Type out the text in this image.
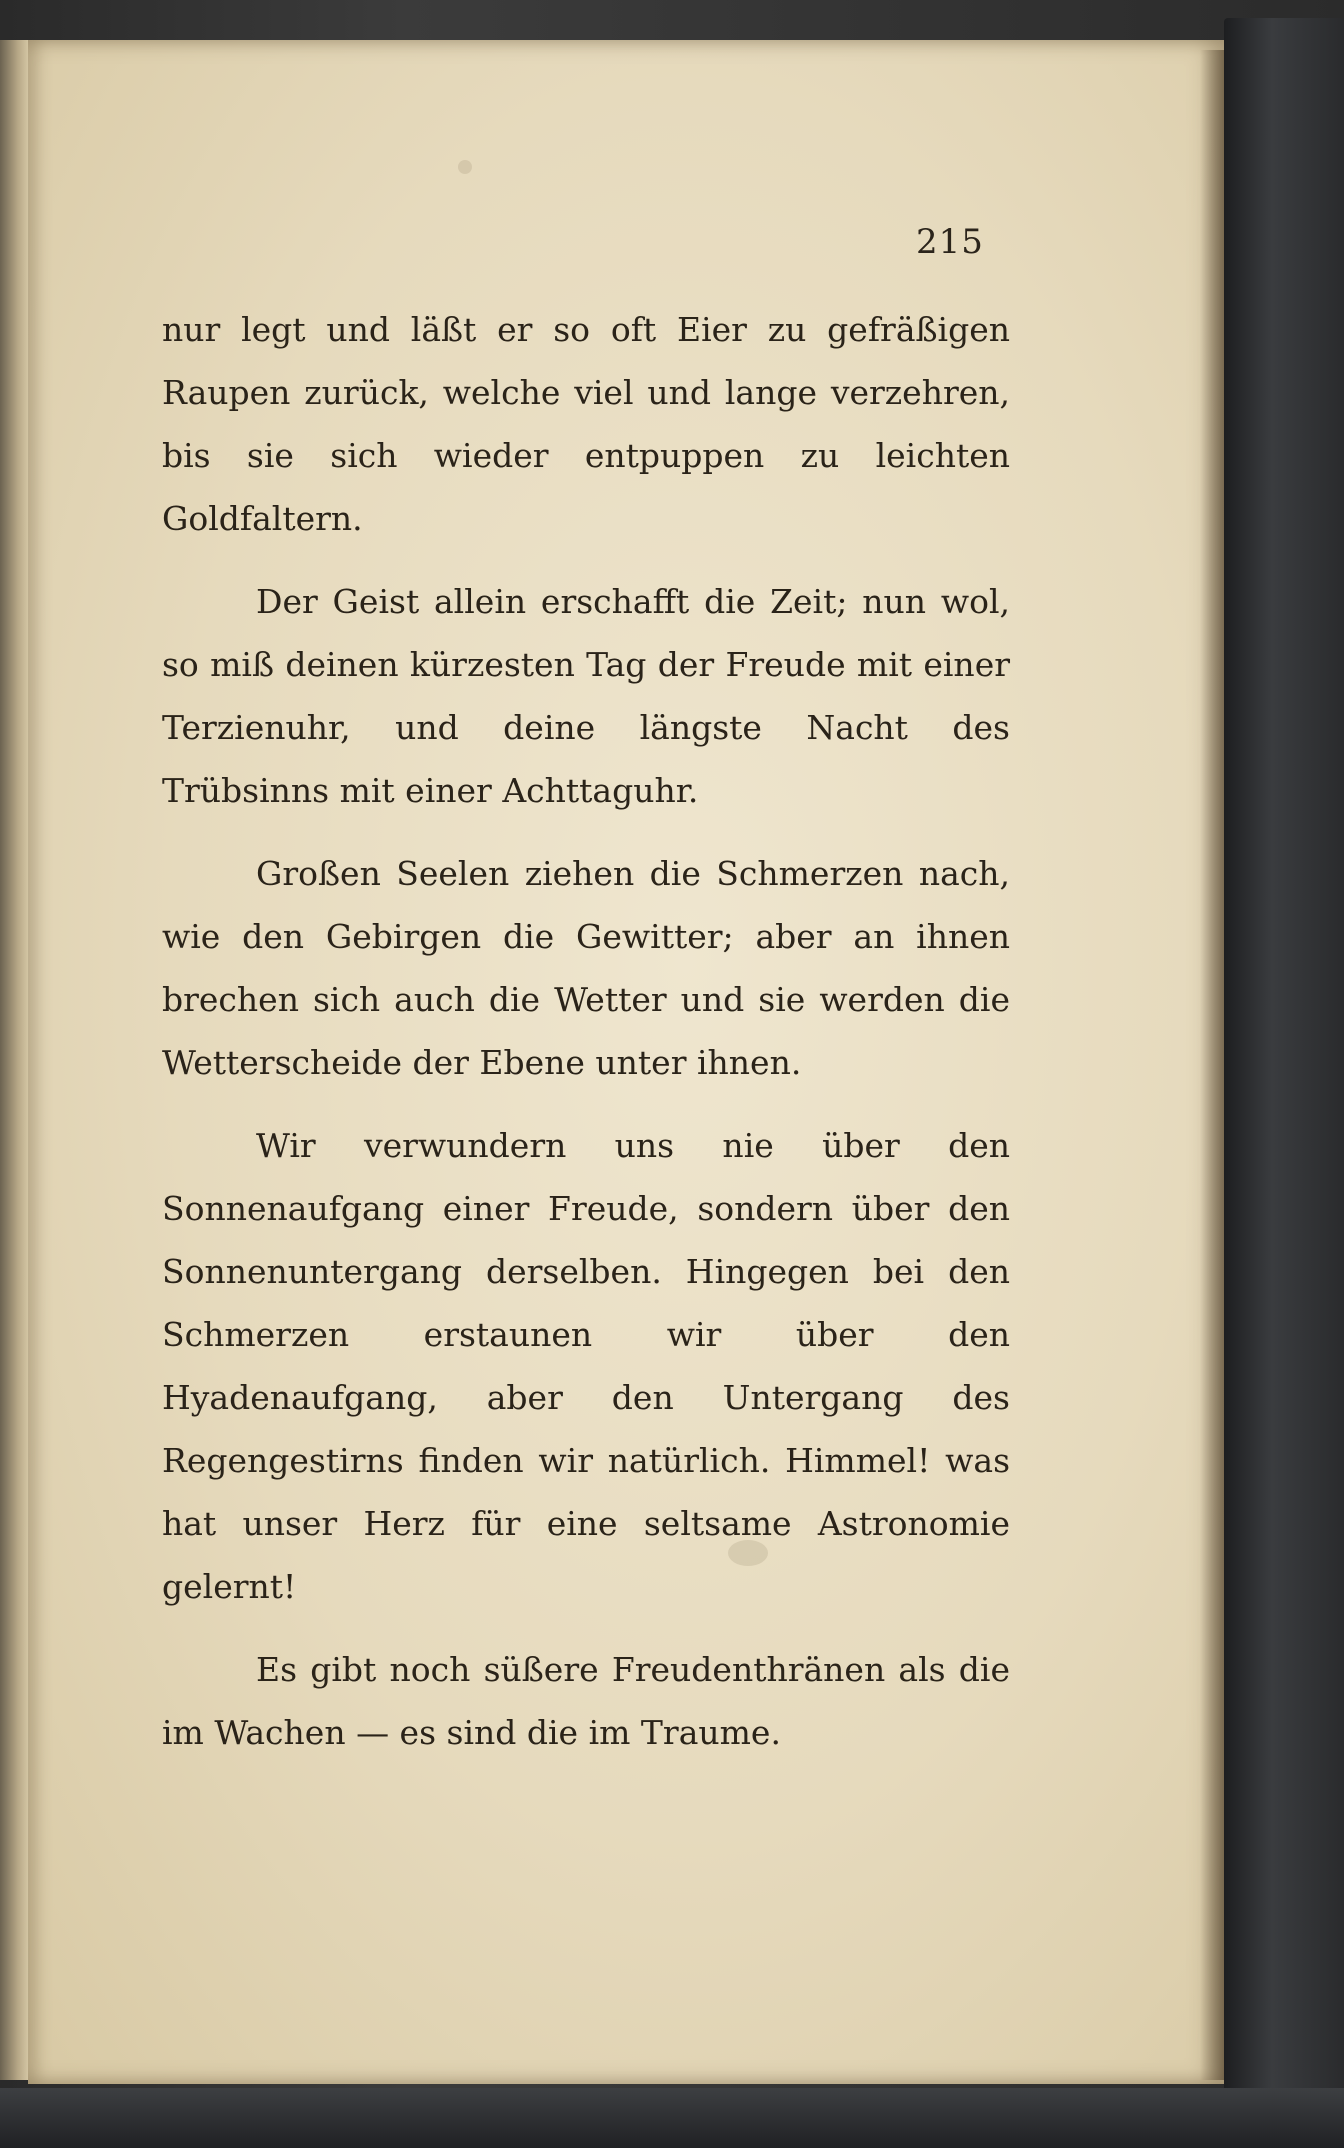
215

nur legt und läßt er so oft Eier zu gefräßigen Raupen zurück, welche viel und lange verzehren, bis sie sich wieder entpuppen zu leichten Goldfaltern.

Der Geist allein erschafft die Zeit; nun wol, so miß deinen kürzesten Tag der Freude mit einer Terzienuhr, und deine längste Nacht des Trübsinns mit einer Achttaguhr.

Großen Seelen ziehen die Schmerzen nach, wie den Gebirgen die Gewitter; aber an ihnen brechen sich auch die Wetter und sie werden die Wetterscheide der Ebene unter ihnen.

Wir verwundern uns nie über den Sonnenaufgang einer Freude, sondern über den Sonnenuntergang derselben. Hingegen bei den Schmerzen erstaunen wir über den Hyadenaufgang, aber den Untergang des Regengestirns finden wir natürlich. Himmel! was hat unser Herz für eine seltsame Astronomie gelernt!

Es gibt noch süßere Freudenthränen als die im Wachen — es sind die im Traume.
